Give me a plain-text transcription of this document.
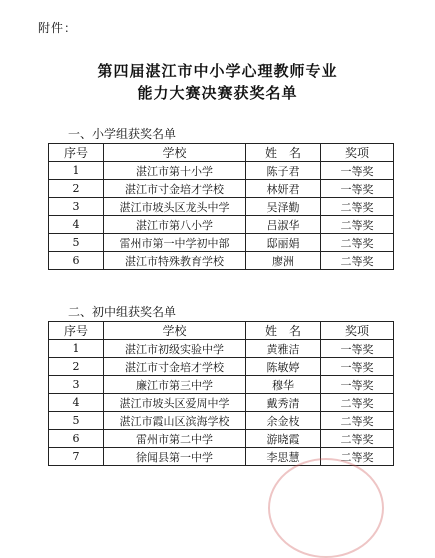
附件：
第四届湛江市中小学心理教师专业
能力大赛决赛获奖名单
一、小学组获奖名单
序号	学校	姓　名	奖项
1	湛江市第十小学	陈子君	一等奖
2	湛江市寸金培才学校	林妍君	一等奖
3	湛江市坡头区龙头中学	吴泽勤	二等奖
4	湛江市第八小学	吕淑华	二等奖
5	雷州市第一中学初中部	邸丽娟	二等奖
6	湛江市特殊教育学校	廖洲	二等奖
二、初中组获奖名单
序号	学校	姓　名	奖项
1	湛江市初级实验中学	黄雅洁	一等奖
2	湛江市寸金培才学校	陈敏婷	一等奖
3	廉江市第三中学	穆华	一等奖
4	湛江市坡头区爱周中学	戴秀清	二等奖
5	湛江市霞山区滨海学校	余金枝	二等奖
6	雷州市第二中学	游晓霞	二等奖
7	徐闻县第一中学	李思慧	二等奖
